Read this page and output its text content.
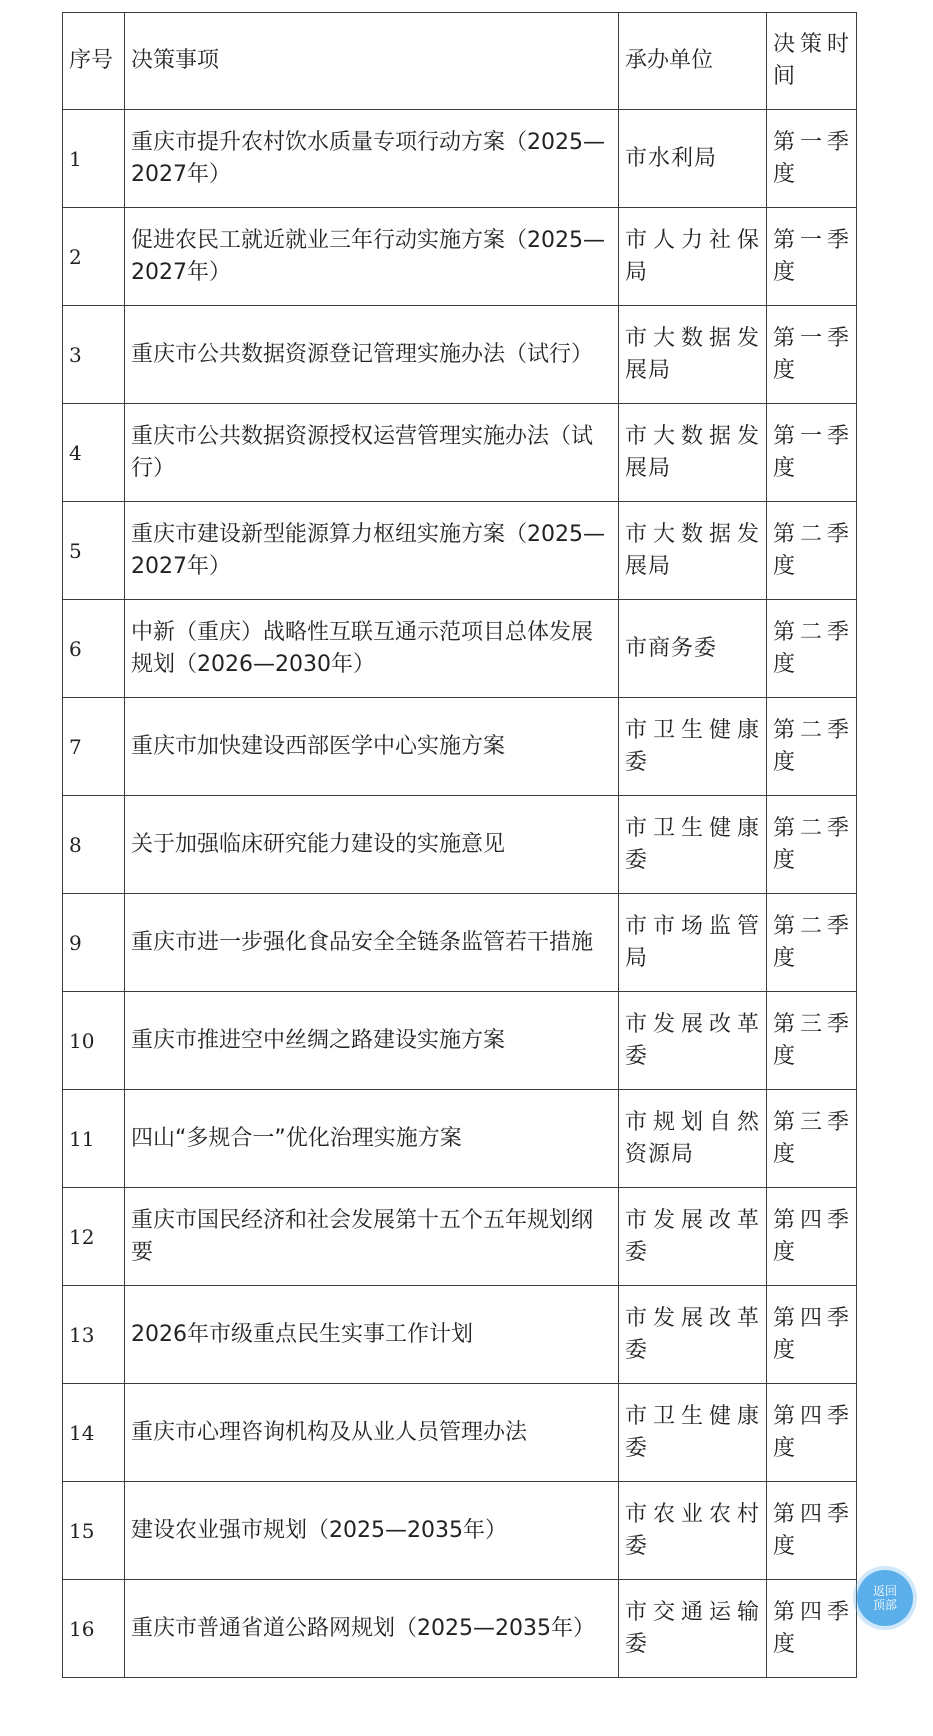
序号	决策事项	承办单位	决策时间
1	重庆市提升农村饮水质量专项行动方案（2025—2027年）	市水利局	第一季度
2	促进农民工就近就业三年行动实施方案（2025—2027年）	市人力社保局	第一季度
3	重庆市公共数据资源登记管理实施办法（试行）	市大数据发展局	第一季度
4	重庆市公共数据资源授权运营管理实施办法（试行）	市大数据发展局	第一季度
5	重庆市建设新型能源算力枢纽实施方案（2025—2027年）	市大数据发展局	第二季度
6	中新（重庆）战略性互联互通示范项目总体发展规划（2026—2030年）	市商务委	第二季度
7	重庆市加快建设西部医学中心实施方案	市卫生健康委	第二季度
8	关于加强临床研究能力建设的实施意见	市卫生健康委	第二季度
9	重庆市进一步强化食品安全全链条监管若干措施	市市场监管局	第二季度
10	重庆市推进空中丝绸之路建设实施方案	市发展改革委	第三季度
11	四山“多规合一”优化治理实施方案	市规划自然资源局	第三季度
12	重庆市国民经济和社会发展第十五个五年规划纲要	市发展改革委	第四季度
13	2026年市级重点民生实事工作计划	市发展改革委	第四季度
14	重庆市心理咨询机构及从业人员管理办法	市卫生健康委	第四季度
15	建设农业强市规划（2025—2035年）	市农业农村委	第四季度
16	重庆市普通省道公路网规划（2025—2035年）	市交通运输委	第四季度
返回顶部
